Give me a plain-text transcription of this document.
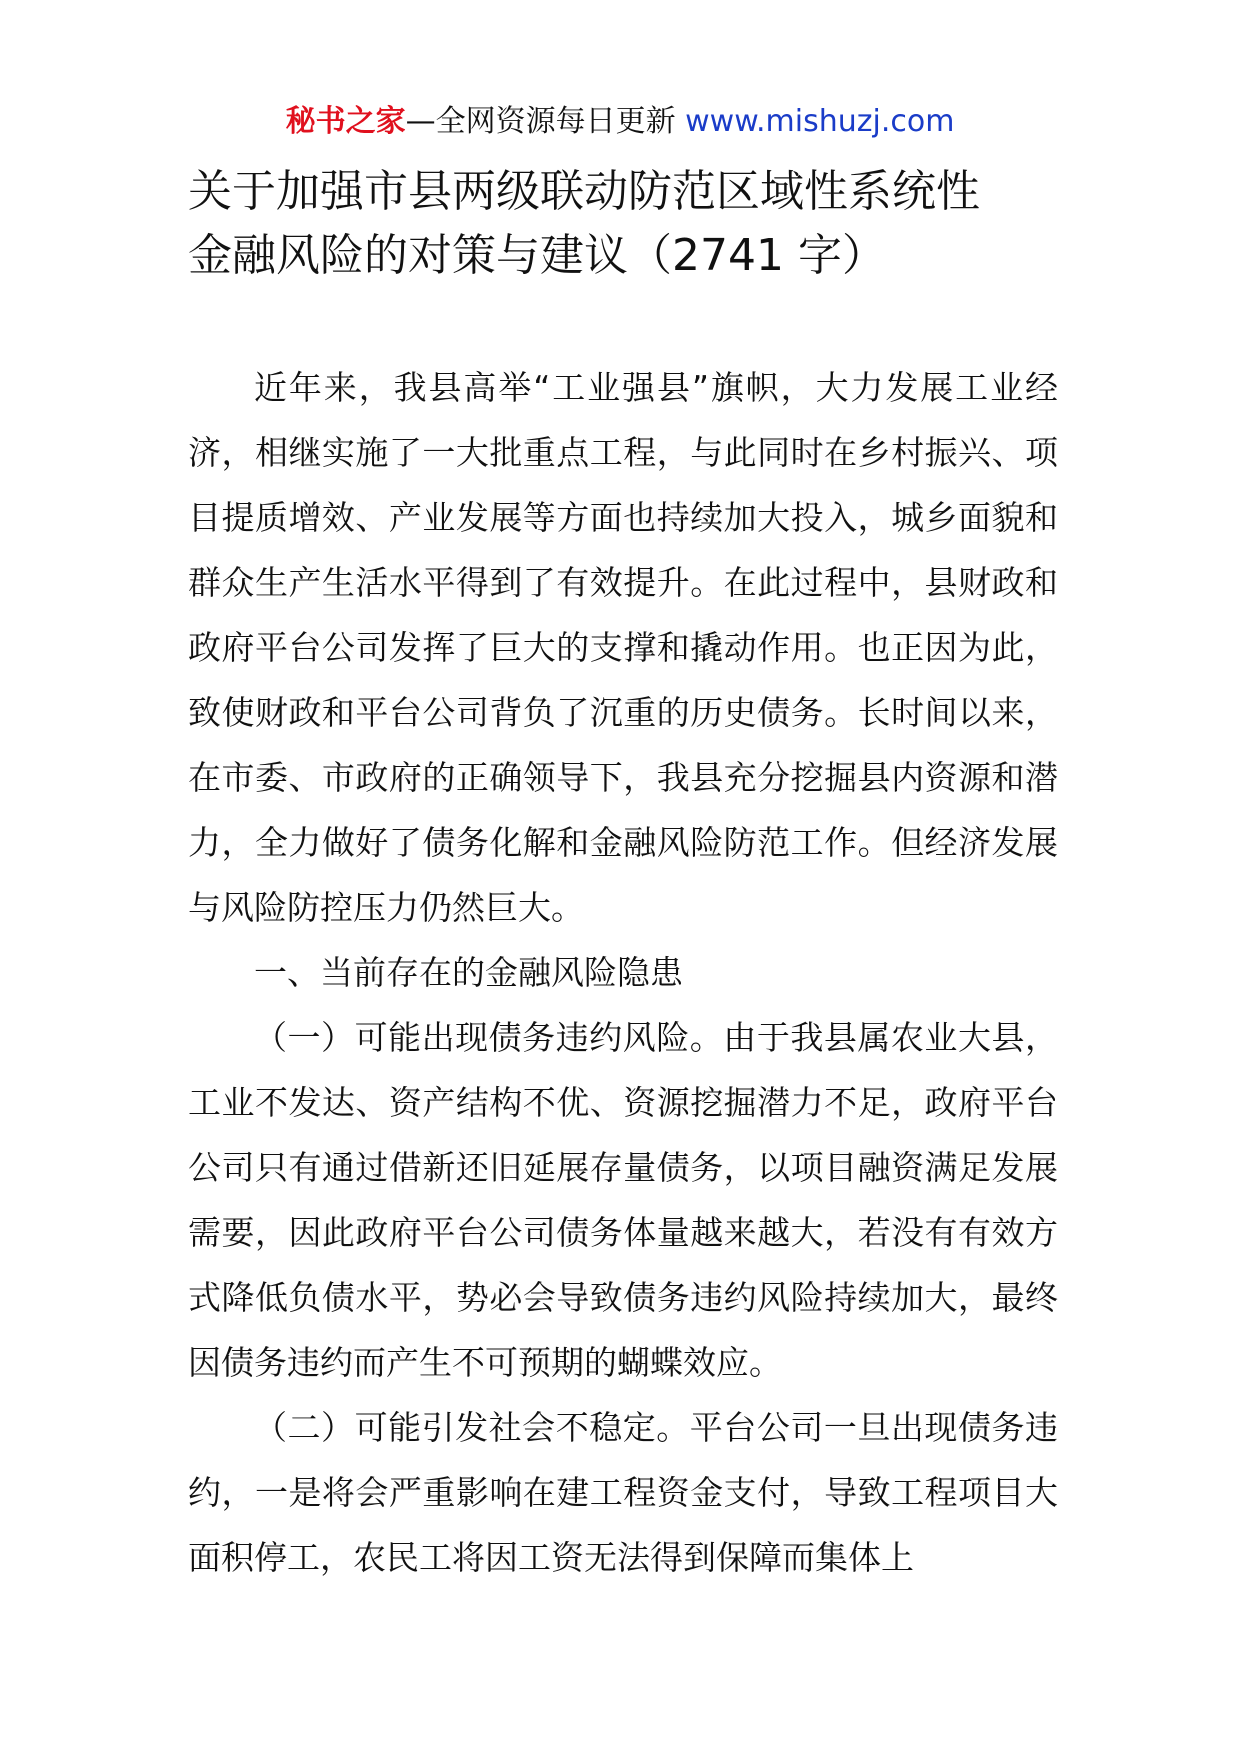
秘书之家—全网资源每日更新 www.mishuzj.com
关于加强市县两级联动防范区域性系统性
金融风险的对策与建议（2741 字）

近年来，我县高举“工业强县”旗帜，大力发展工业经济，相继实施了一大批重点工程，与此同时在乡村振兴、项目提质增效、产业发展等方面也持续加大投入，城乡面貌和群众生产生活水平得到了有效提升。在此过程中，县财政和政府平台公司发挥了巨大的支撑和撬动作用。也正因为此，致使财政和平台公司背负了沉重的历史债务。长时间以来，在市委、市政府的正确领导下，我县充分挖掘县内资源和潜力，全力做好了债务化解和金融风险防范工作。但经济发展与风险防控压力仍然巨大。

一、当前存在的金融风险隐患

（一）可能出现债务违约风险。由于我县属农业大县，工业不发达、资产结构不优、资源挖掘潜力不足，政府平台公司只有通过借新还旧延展存量债务，以项目融资满足发展需要，因此政府平台公司债务体量越来越大，若没有有效方式降低负债水平，势必会导致债务违约风险持续加大，最终因债务违约而产生不可预期的蝴蝶效应。

（二）可能引发社会不稳定。平台公司一旦出现债务违约，一是将会严重影响在建工程资金支付，导致工程项目大面积停工，农民工将因工资无法得到保障而集体上
